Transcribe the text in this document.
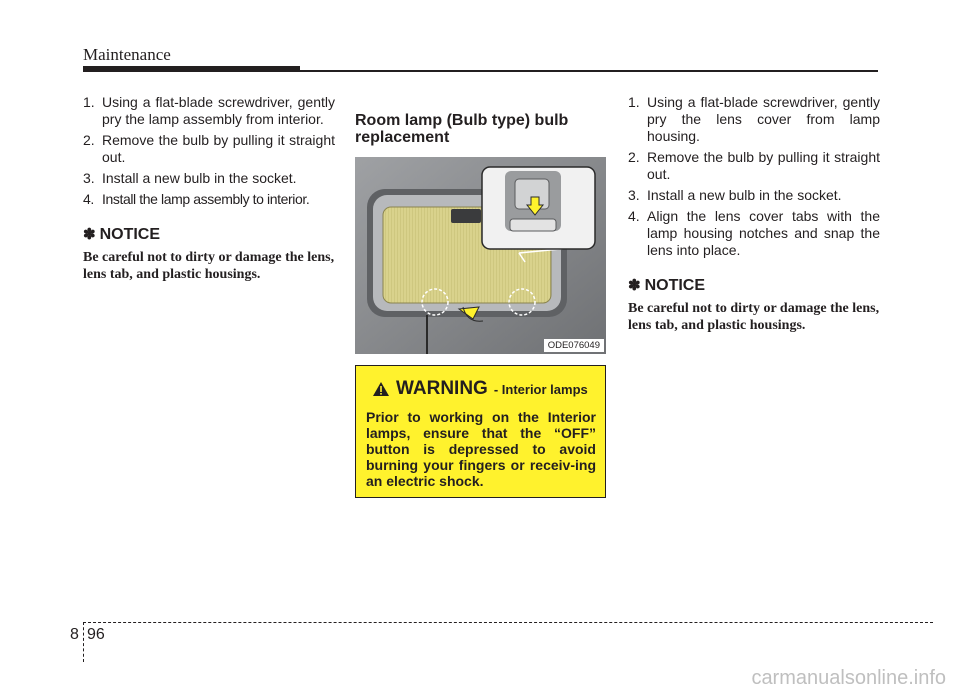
Maintenance
1. Using a flat-blade screwdriver, gently pry the lamp assembly from interior.
2. Remove the bulb by pulling it straight out.
3. Install a new bulb in the socket.
4. Install the lamp assembly to interior.
✽ NOTICE
Be careful not to dirty or damage the lens, lens tab, and plastic housings.
Room lamp (Bulb type) bulb replacement
ODE076049
WARNING - Interior lamps
Prior to working on the Interior lamps, ensure that the “OFF” button is depressed to avoid burning your fingers or receiv-ing an electric shock.
1. Using a flat-blade screwdriver, gently pry the lens cover from lamp housing.
2. Remove the bulb by pulling it straight out.
3. Install a new bulb in the socket.
4. Align the lens cover tabs with the lamp housing notches and snap the lens into place.
✽ NOTICE
Be careful not to dirty or damage the lens, lens tab, and plastic housings.
8 96
carmanualsonline.info
